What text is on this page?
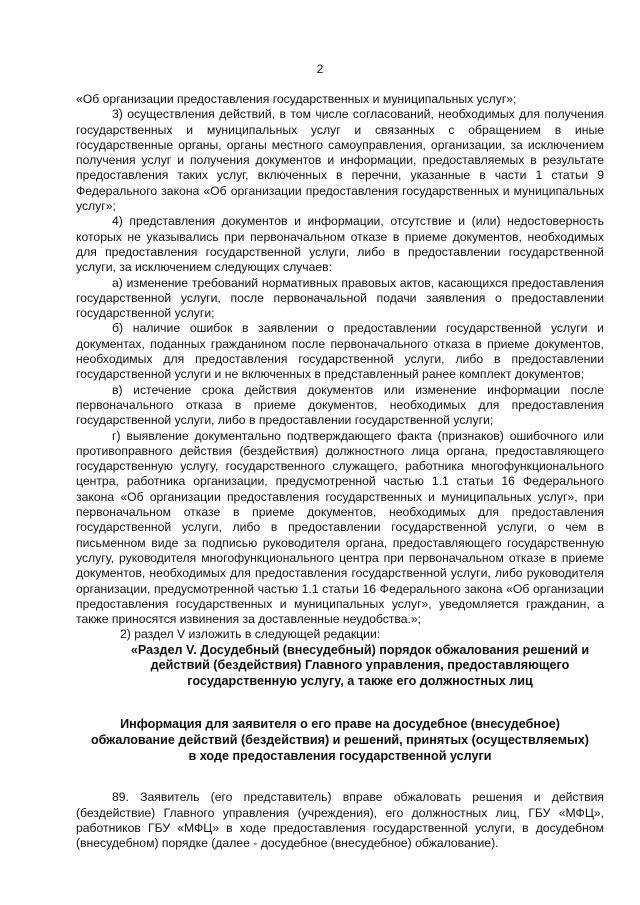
2

«Об организации предоставления государственных и муниципальных услуг»;

3) осуществления действий, в том числе согласований, необходимых для получения государственных и муниципальных услуг и связанных с обращением в иные государственные органы, органы местного самоуправления, организации, за исключением получения услуг и получения документов и информации, предоставляемых в результате предоставления таких услуг, включенных в перечни, указанные в части 1 статьи 9 Федерального закона «Об организации предоставления государственных и муниципальных услуг»;

4) представления документов и информации, отсутствие и (или) недостоверность которых не указывались при первоначальном отказе в приеме документов, необходимых для предоставления государственной услуги, либо в предоставлении государственной услуги, за исключением следующих случаев:

а) изменение требований нормативных правовых актов, касающихся предоставления государственной услуги, после первоначальной подачи заявления о предоставлении государственной услуги;

б) наличие ошибок в заявлении о предоставлении государственной услуги и документах, поданных гражданином после первоначального отказа в приеме документов, необходимых для предоставления государственной услуги, либо в предоставлении государственной услуги и не включенных в представленный ранее комплект документов;

в) истечение срока действия документов или изменение информации после первоначального отказа в приеме документов, необходимых для предоставления государственной услуги, либо в предоставлении государственной услуги;

г) выявление документально подтверждающего факта (признаков) ошибочного или противоправного действия (бездействия) должностного лица органа, предоставляющего государственную услугу, государственного служащего, работника многофункционального центра, работника организации, предусмотренной частью 1.1 статьи 16 Федерального закона «Об организации предоставления государственных и муниципальных услуг», при первоначальном отказе в приеме документов, необходимых для предоставления государственной услуги, либо в предоставлении государственной услуги, о чем в письменном виде за подписью руководителя органа, предоставляющего государственную услугу, руководителя многофункционального центра при первоначальном отказе в приеме документов, необходимых для предоставления государственной услуги, либо руководителя организации, предусмотренной частью 1.1 статьи 16 Федерального закона «Об организации предоставления государственных и муниципальных услуг», уведомляется гражданин, а также приносятся извинения за доставленные неудобства.»;

2) раздел V изложить в следующей редакции:

«Раздел V. Досудебный (внесудебный) порядок обжалования решений и действий (бездействия) Главного управления, предоставляющего государственную услугу, а также его должностных лиц

Информация для заявителя о его праве на досудебное (внесудебное) обжалование действий (бездействия) и решений, принятых (осуществляемых) в ходе предоставления государственной услуги

89. Заявитель (его представитель) вправе обжаловать решения и действия (бездействие) Главного управления (учреждения), его должностных лиц, ГБУ «МФЦ», работников ГБУ «МФЦ» в ходе предоставления государственной услуги, в досудебном (внесудебном) порядке (далее - досудебное (внесудебное) обжалование).
